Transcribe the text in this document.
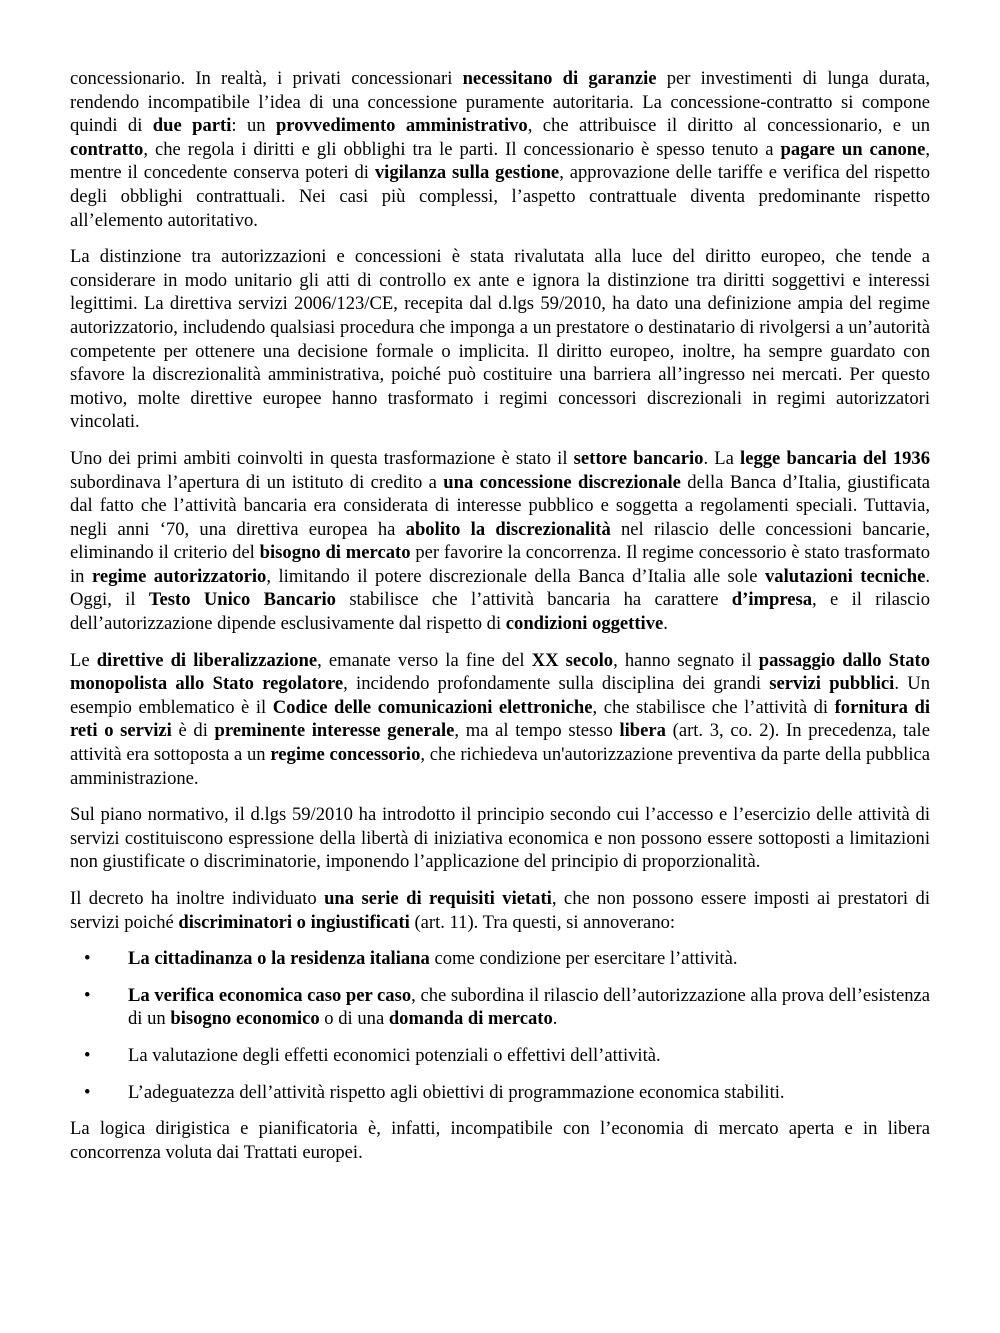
concessionario. In realtà, i privati concessionari necessitano di garanzie per investimenti di lunga durata, rendendo incompatibile l’idea di una concessione puramente autoritaria. La concessione-contratto si compone quindi di due parti: un provvedimento amministrativo, che attribuisce il diritto al concessionario, e un contratto, che regola i diritti e gli obblighi tra le parti. Il concessionario è spesso tenuto a pagare un canone, mentre il concedente conserva poteri di vigilanza sulla gestione, approvazione delle tariffe e verifica del rispetto degli obblighi contrattuali. Nei casi più complessi, l’aspetto contrattuale diventa predominante rispetto all’elemento autoritativo.

La distinzione tra autorizzazioni e concessioni è stata rivalutata alla luce del diritto europeo, che tende a considerare in modo unitario gli atti di controllo ex ante e ignora la distinzione tra diritti soggettivi e interessi legittimi. La direttiva servizi 2006/123/CE, recepita dal d.lgs 59/2010, ha dato una definizione ampia del regime autorizzatorio, includendo qualsiasi procedura che imponga a un prestatore o destinatario di rivolgersi a un’autorità competente per ottenere una decisione formale o implicita. Il diritto europeo, inoltre, ha sempre guardato con sfavore la discrezionalità amministrativa, poiché può costituire una barriera all’ingresso nei mercati. Per questo motivo, molte direttive europee hanno trasformato i regimi concessori discrezionali in regimi autorizzatori vincolati.

Uno dei primi ambiti coinvolti in questa trasformazione è stato il settore bancario. La legge bancaria del 1936 subordinava l’apertura di un istituto di credito a una concessione discrezionale della Banca d’Italia, giustificata dal fatto che l’attività bancaria era considerata di interesse pubblico e soggetta a regolamenti speciali. Tuttavia, negli anni ‘70, una direttiva europea ha abolito la discrezionalità nel rilascio delle concessioni bancarie, eliminando il criterio del bisogno di mercato per favorire la concorrenza. Il regime concessorio è stato trasformato in regime autorizzatorio, limitando il potere discrezionale della Banca d’Italia alle sole valutazioni tecniche. Oggi, il Testo Unico Bancario stabilisce che l’attività bancaria ha carattere d’impresa, e il rilascio dell’autorizzazione dipende esclusivamente dal rispetto di condizioni oggettive.

Le direttive di liberalizzazione, emanate verso la fine del XX secolo, hanno segnato il passaggio dallo Stato monopolista allo Stato regolatore, incidendo profondamente sulla disciplina dei grandi servizi pubblici. Un esempio emblematico è il Codice delle comunicazioni elettroniche, che stabilisce che l’attività di fornitura di reti o servizi è di preminente interesse generale, ma al tempo stesso libera (art. 3, co. 2). In precedenza, tale attività era sottoposta a un regime concessorio, che richiedeva un'autorizzazione preventiva da parte della pubblica amministrazione.

Sul piano normativo, il d.lgs 59/2010 ha introdotto il principio secondo cui l’accesso e l’esercizio delle attività di servizi costituiscono espressione della libertà di iniziativa economica e non possono essere sottoposti a limitazioni non giustificate o discriminatorie, imponendo l’applicazione del principio di proporzionalità.

Il decreto ha inoltre individuato una serie di requisiti vietati, che non possono essere imposti ai prestatori di servizi poiché discriminatori o ingiustificati (art. 11). Tra questi, si annoverano:

• La cittadinanza o la residenza italiana come condizione per esercitare l’attività.
• La verifica economica caso per caso, che subordina il rilascio dell’autorizzazione alla prova dell’esistenza di un bisogno economico o di una domanda di mercato.
• La valutazione degli effetti economici potenziali o effettivi dell’attività.
• L’adeguatezza dell’attività rispetto agli obiettivi di programmazione economica stabiliti.

La logica dirigistica e pianificatoria è, infatti, incompatibile con l’economia di mercato aperta e in libera concorrenza voluta dai Trattati europei.
